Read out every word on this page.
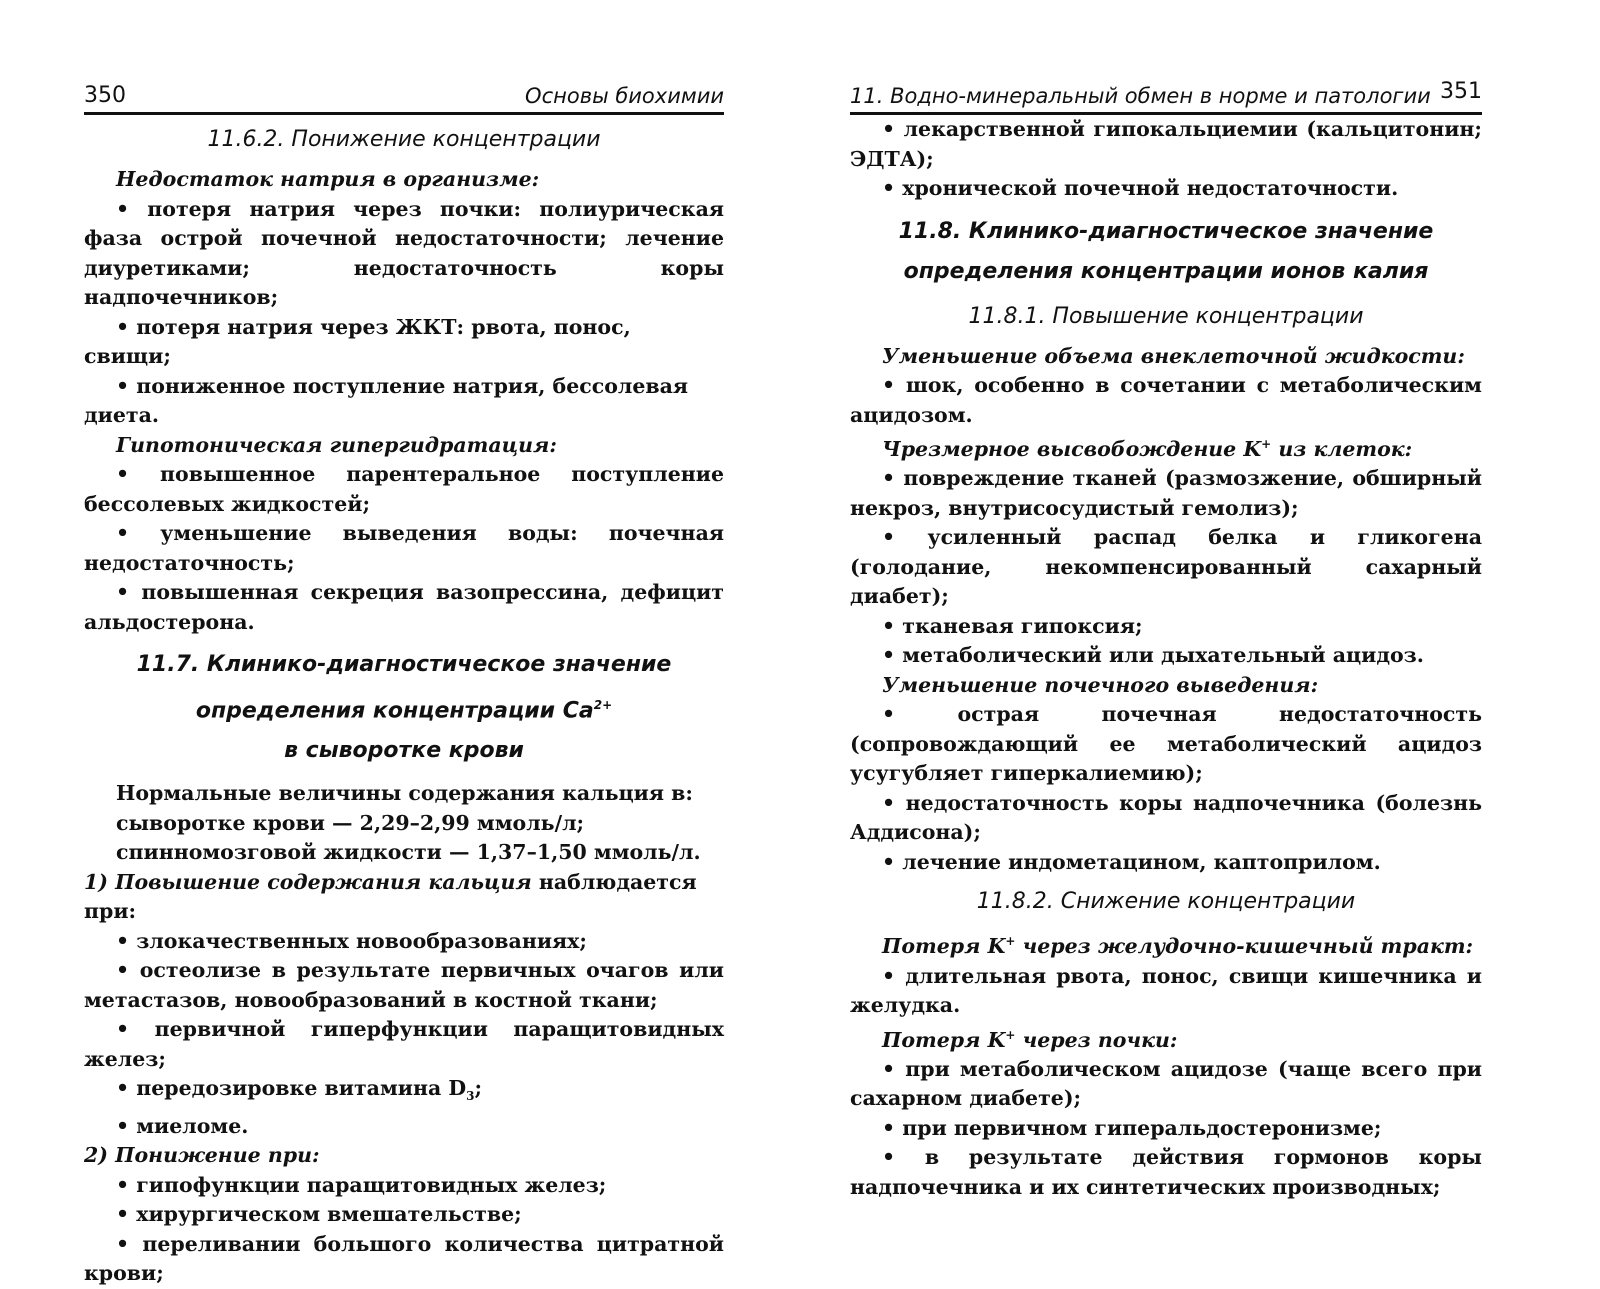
350	Основы биохимии
11.6.2. Понижение концентрации

Недостаток натрия в организме:

• потеря натрия через почки: полиурическая фаза острой почечной недостаточности; лечение диуретиками; недостаточность коры надпочечников;

• потеря натрия через ЖКТ: рвота, понос, свищи;

• пониженное поступление натрия, бессолевая диета.

Гипотоническая гипергидратация:

• повышенное парентеральное поступление бессолевых жидкостей;

• уменьшение выведения воды: почечная недостаточность;

• повышенная секреция вазопрессина, дефицит альдостерона.

11.7. Клинико-диагностическое значение
определения концентрации $Ca^{2+}$
в сыворотке крови

Нормальные величины содержания кальция в:

сыворотке крови — 2,29–2,99 ммоль/л;

спинномозговой жидкости — 1,37–1,50 ммоль/л.

1) Повышение содержания кальция наблюдается при:

• злокачественных новообразованиях;

• остеолизе в результате первичных очагов или метастазов, новообразований в костной ткани;

• первичной гиперфункции паращитовидных желез;

• передозировке витамина $D_3$;

• миеломе.

2) Понижение при:

• гипофункции паращитовидных желез;

• хирургическом вмешательстве;

• переливании большого количества цитратной крови;

11. Водно-минеральный обмен в норме и патологии 351

• лекарственной гипокальциемии (кальцитонин; ЭДТА);

• хронической почечной недостаточности.

11.8. Клинико-диагностическое значение
определения концентрации ионов калия
11.8.1. Повышение концентрации

Уменьшение объема внеклеточной жидкости:

• шок, особенно в сочетании с метаболическим ацидозом.

Чрезмерное высвобождение K+ из клеток:

• повреждение тканей (размозжение, обширный некроз, внутрисосудистый гемолиз);

• усиленный распад белка и гликогена (голодание, некомпенсированный сахарный диабет);

• тканевая гипоксия;

• метаболический или дыхательный ацидоз.

Уменьшение почечного выведения:

• острая почечная недостаточность (сопровождающий ее метаболический ацидоз усугубляет гиперкалиемию);

• недостаточность коры надпочечника (болезнь Аддисона);

• лечение индометацином, каптоприлом.

11.8.2. Снижение концентрации

Потеря K+ через желудочно-кишечный тракт:

• длительная рвота, понос, свищи кишечника и желудка.

Потеря K+ через почки:

• при метаболическом ацидозе (чаще всего при сахарном диабете);

• при первичном гиперальдостеронизме;

• в результате действия гормонов коры надпочечника и их синтетических производных;
